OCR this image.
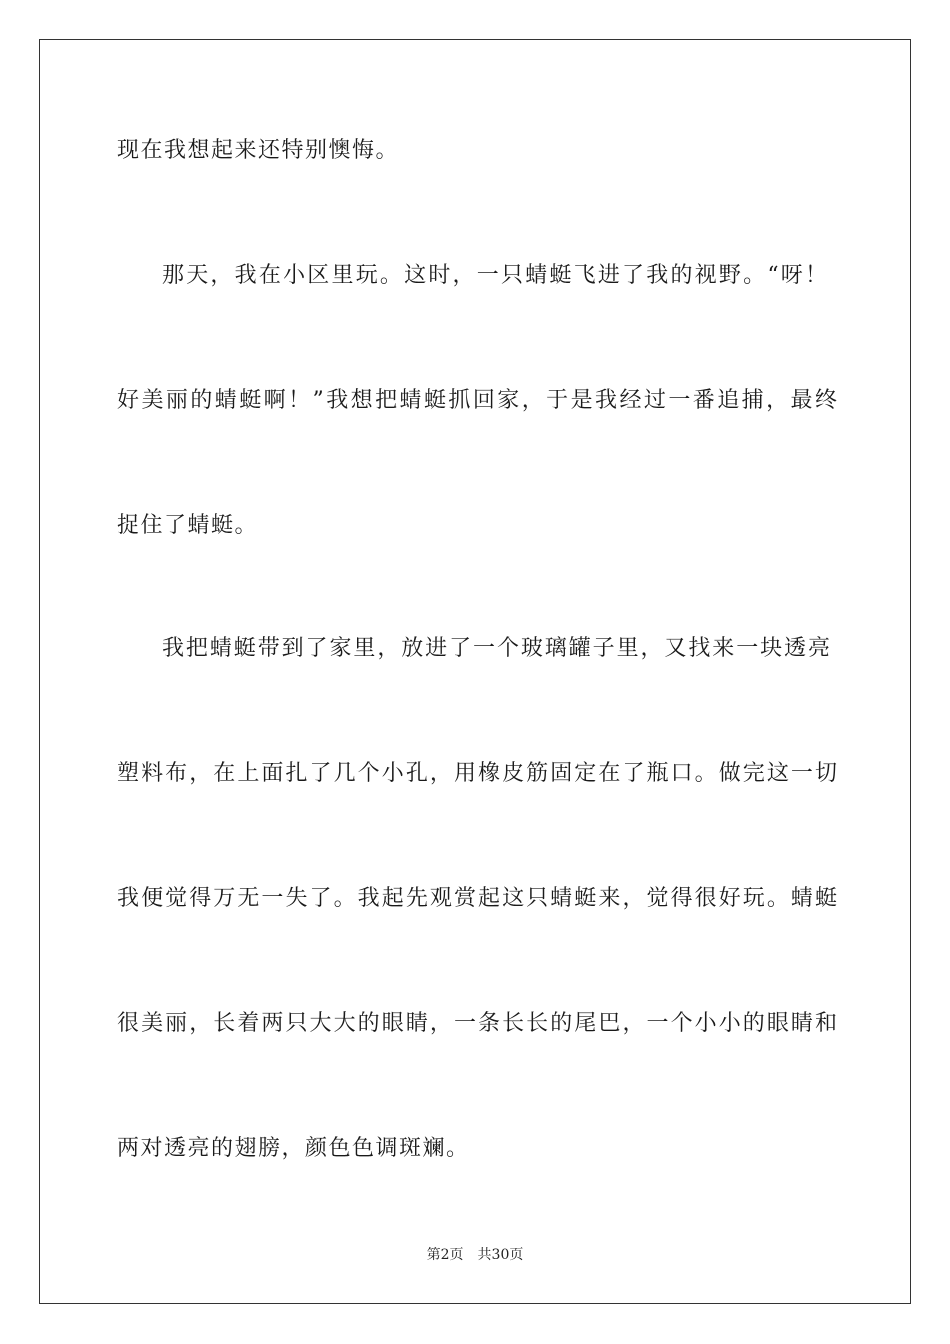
现在我想起来还特别懊悔。
那天，我在小区里玩。这时，一只蜻蜓飞进了我的视野。“呀！
好美丽的蜻蜓啊！”我想把蜻蜓抓回家，于是我经过一番追捕，最终
捉住了蜻蜓。
我把蜻蜓带到了家里，放进了一个玻璃罐子里，又找来一块透亮
塑料布，在上面扎了几个小孔，用橡皮筋固定在了瓶口。做完这一切
我便觉得万无一失了。我起先观赏起这只蜻蜓来，觉得很好玩。蜻蜓
很美丽，长着两只大大的眼睛，一条长长的尾巴，一个小小的眼睛和
两对透亮的翅膀，颜色色调斑斓。
第2页 共30页
